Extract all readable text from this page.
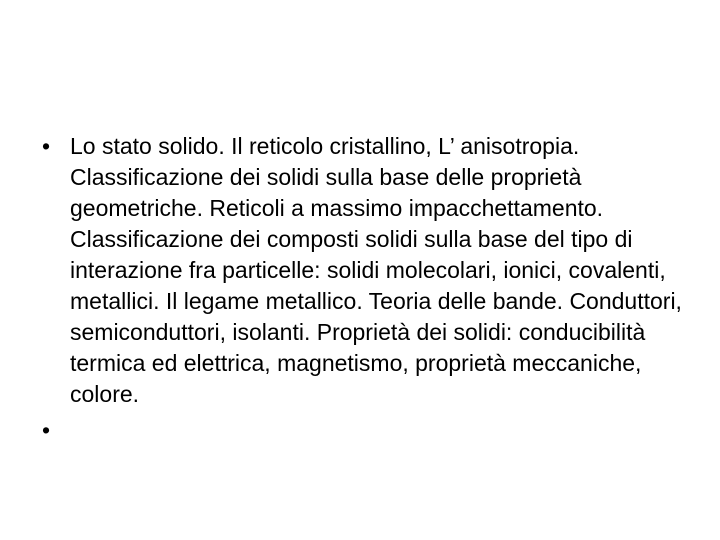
• Lo stato solido. Il reticolo cristallino, L’ anisotropia. Classificazione dei solidi sulla base delle proprietà geometriche. Reticoli a massimo impacchettamento. Classificazione dei composti solidi sulla base del tipo di interazione fra particelle: solidi molecolari, ionici, covalenti, metallici. Il legame metallico. Teoria delle bande. Conduttori, semiconduttori, isolanti. Proprietà dei solidi: conducibilità termica ed elettrica, magnetismo, proprietà meccaniche, colore.
•
